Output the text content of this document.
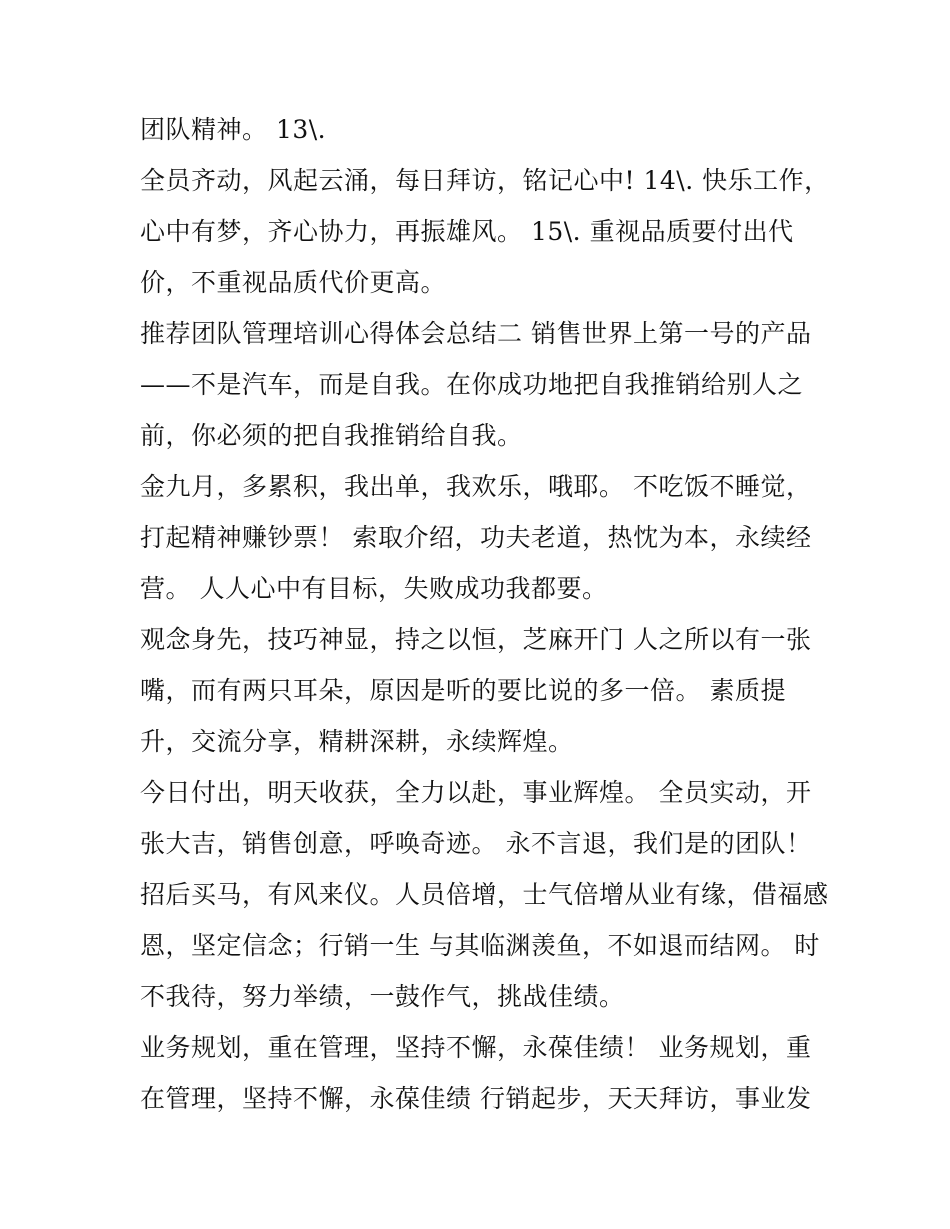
团队精神。 13\.
全员齐动，风起云涌，每日拜访，铭记心中! 14\. 快乐工作，
心中有梦，齐心协力，再振雄风。 15\. 重视品质要付出代
价，不重视品质代价更高。
推荐团队管理培训心得体会总结二 销售世界上第一号的产品
——不是汽车，而是自我。在你成功地把自我推销给别人之
前，你必须的把自我推销给自我。
金九月，多累积，我出单，我欢乐，哦耶。 不吃饭不睡觉，
打起精神赚钞票！ 索取介绍，功夫老道，热忱为本，永续经
营。 人人心中有目标，失败成功我都要。
观念身先，技巧神显，持之以恒，芝麻开门 人之所以有一张
嘴，而有两只耳朵，原因是听的要比说的多一倍。 素质提
升，交流分享，精耕深耕，永续辉煌。
今日付出，明天收获，全力以赴，事业辉煌。 全员实动，开
张大吉，销售创意，呼唤奇迹。 永不言退，我们是的团队！
招后买马，有风来仪。人员倍增，士气倍增从业有缘，借福感
恩，坚定信念；行销一生 与其临渊羡鱼，不如退而结网。 时
不我待，努力举绩，一鼓作气，挑战佳绩。
业务规划，重在管理，坚持不懈，永葆佳绩！ 业务规划，重
在管理，坚持不懈，永葆佳绩 行销起步，天天拜访，事业发
